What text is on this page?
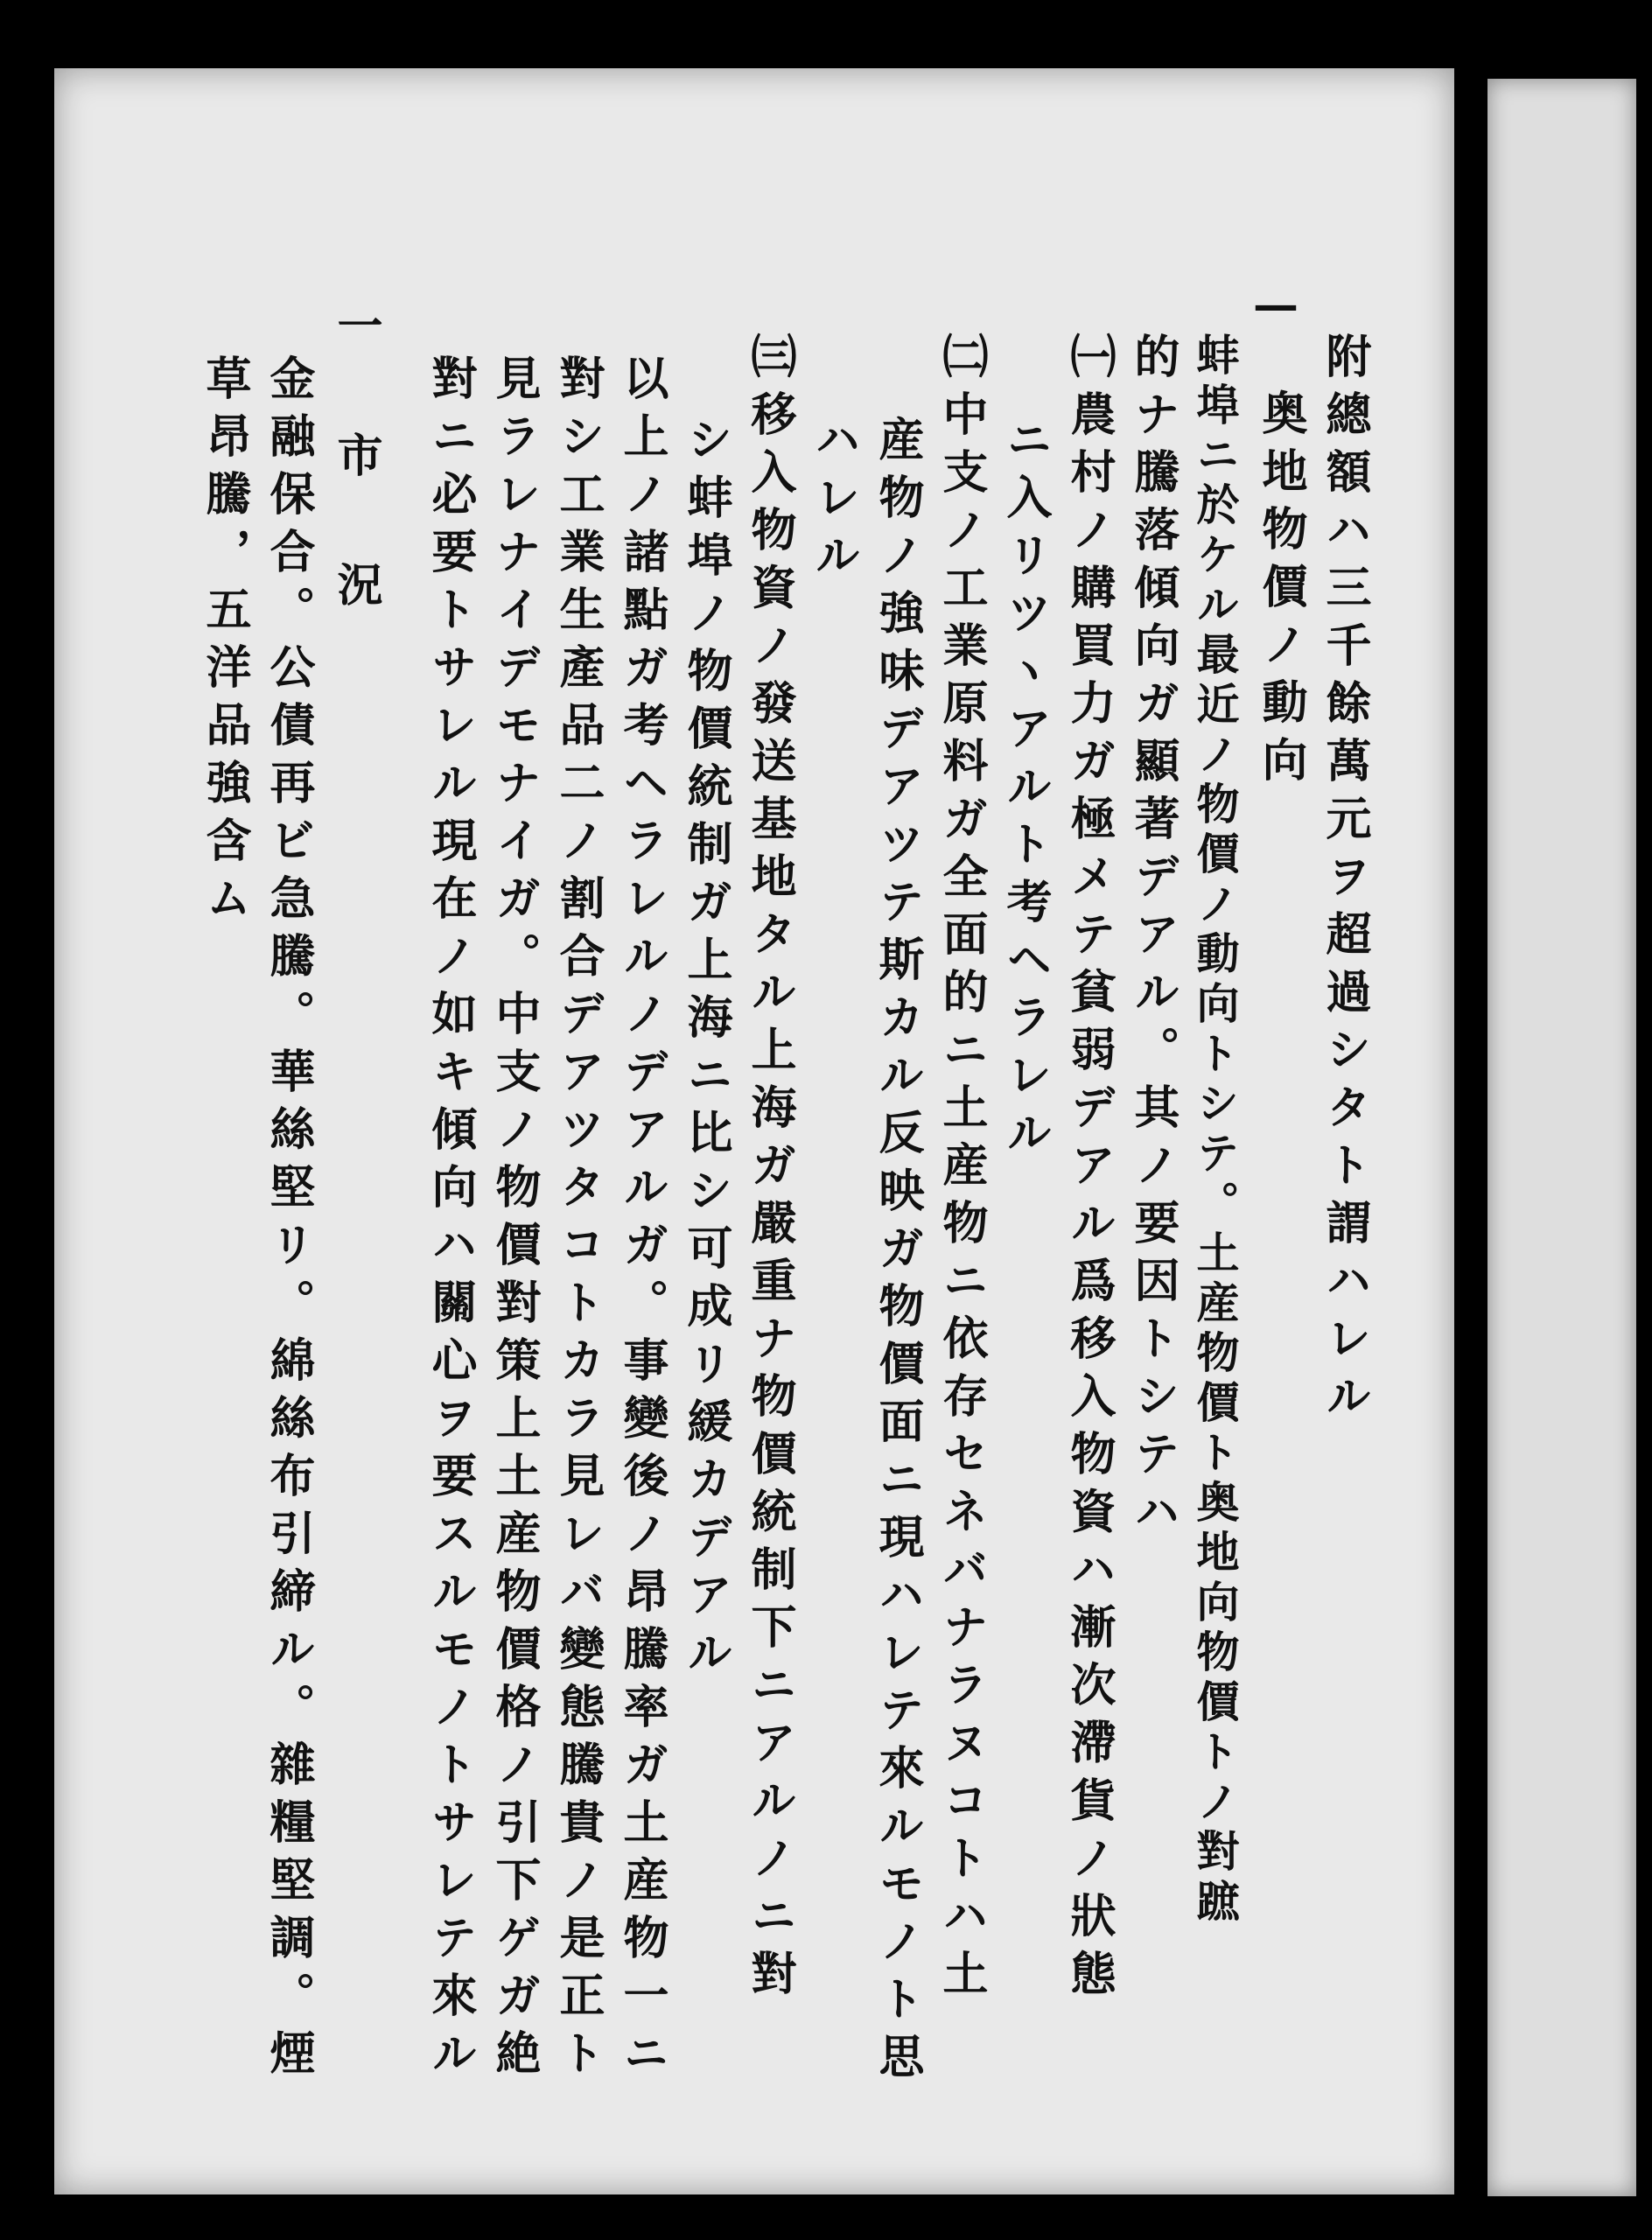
附總額ハ三千餘萬元ヲ超過シタト謂ハレル
—
奥地物價ノ動向
蚌埠ニ於ケル最近ノ物價ノ動向トシテ。土産物價ト奥地向物價トノ對蹠
的ナ騰落傾向ガ顯著デアル。其ノ要因トシテハ
㈠農村ノ購買力ガ極メテ貧弱デアル爲移入物資ハ漸次滯貨ノ狀態
ニ入リツヽアルト考ヘラレル
㈡中支ノ工業原料ガ全面的ニ土産物ニ依存セネバナラヌコトハ土
産物ノ強味デアツテ斯カル反映ガ物價面ニ現ハレテ來ルモノト思
ハレル
㈢移入物資ノ發送基地タル上海ガ嚴重ナ物價統制下ニアルノニ對
シ蚌埠ノ物價統制ガ上海ニ比シ可成リ緩カデアル
以上ノ諸點ガ考ヘラレルノデアルガ。事變後ノ昂騰率ガ土産物一ニ
對シ工業生產品二ノ割合デアツタコトカラ見レバ變態騰貴ノ是正ト
見ラレナイデモナイガ。中支ノ物價對策上土産物價格ノ引下ゲガ絶
對ニ必要トサレル現在ノ如キ傾向ハ關心ヲ要スルモノトサレテ來ル
一　市　況
金融保合。公債再ビ急騰。華絲堅リ。綿絲布引締ル。雜糧堅調。煙
草昂騰，五洋品強含ム
